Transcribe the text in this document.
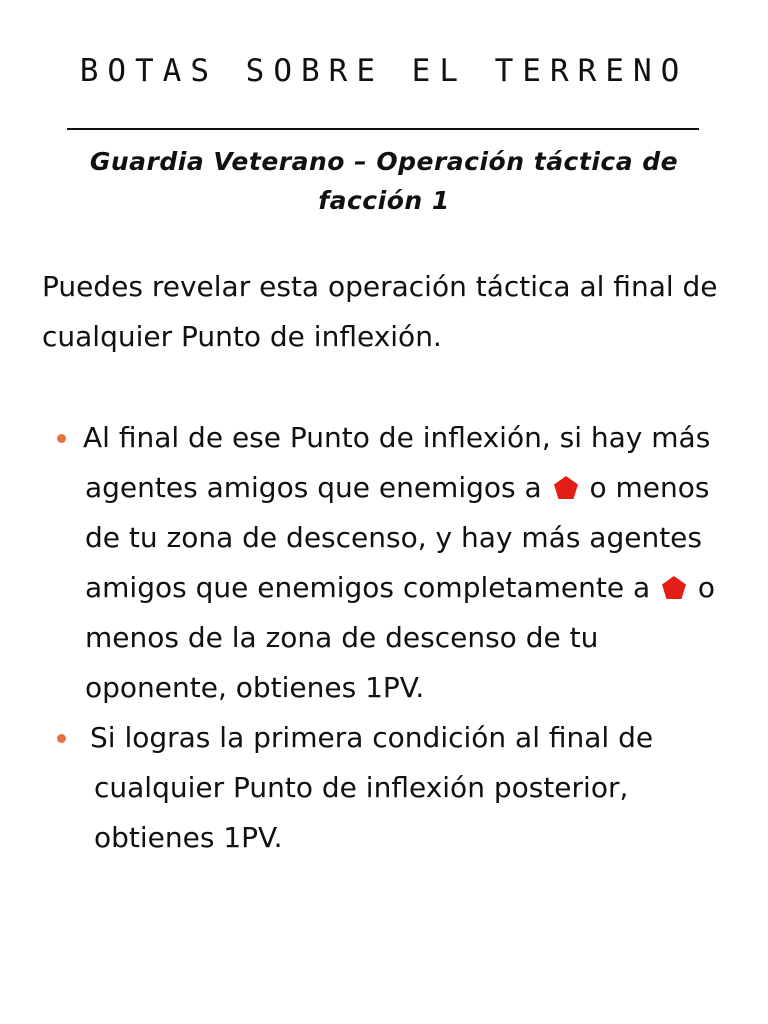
BOTAS SOBRE EL TERRENO
Guardia Veterano – Operación táctica de facción 1

Puedes revelar esta operación táctica al final de cualquier Punto de inflexión.

Al final de ese Punto de inflexión, si hay más agentes amigos que enemigos a  o menos de tu zona de descenso, y hay más agentes amigos que enemigos completamente a  o menos de la zona de descenso de tu oponente, obtienes 1PV.
Si logras la primera condición al final de cualquier Punto de inflexión posterior, obtienes 1PV.
